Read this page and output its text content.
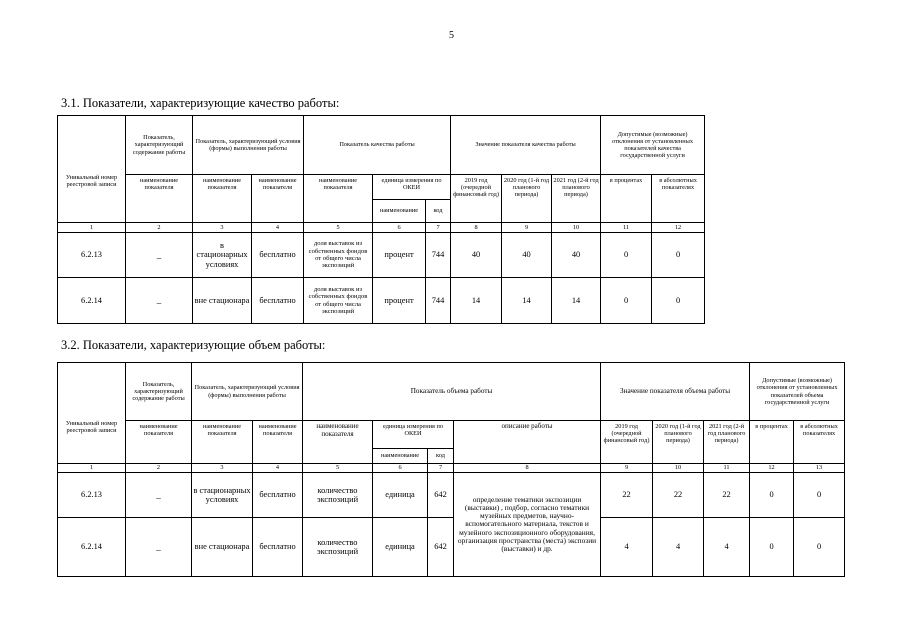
5
3.1. Показатели, характеризующие качество работы:
Уникальный номер реестровой записи	Показатель, характеризующий содержание работы	Показатель, характеризующий условия (формы) выполнения работы		Показатель качества работы			Значение показателя качества работы			Допустимые (возможные) отклонения от установленных показателей качества государственной услуги	
	наименование показателя	наименование показателя	наименование показателя	наименование показателя	единица измерения по ОКЕИ		2019 год (очередной финансовый год)	2020 год (1-й год планового периода)	2021 год (2-й год планового периода)	в процентах	в абсолютных показателях
					наименование	код					
1	2	3	4	5	6	7	8	9	10	11	12
6.2.13	_	в стационарных условиях	бесплатно	доля выставок из собственных фондов от общего числа экспозиций	процент	744	40	40	40	0	0
6.2.14	_	вне стационара	бесплатно	доля выставок из собственных фондов от общего числа экспозиций	процент	744	14	14	14	0	0
3.2. Показатели, характеризующие объем работы:
Уникальный номер реестровой записи	Показатель, характеризующий содержание работы	Показатель, характеризующий условия (формы) выполнения работы		Показатель объема работы				Значение показателя объема работы			Допустимые (возможные) отклонения от установленных показателей объема государственной услуги	
	наименование показателя	наименование показателя	наименование показателя	наименование показателя	единица измерения по ОКЕИ		описание работы	2019 год (очередной финансовый год)	2020 год (1-й год планового периода)	2021 год (2-й год планового периода)	в процентах	в абсолютных показателях
					наименование	код						
1	2	3	4	5	6	7	8	9	10	11	12	13
6.2.13	_	в стационарных условиях	бесплатно	количество экспозиций	единица	642	определение тематики экспозиции (выставки) , подбор, согласно тематики музейных предметов, научно-вспомогательного материала, текстов и музейного экспозиционного оборудования, организация пространства (места) экспозии (выставки) и др.	22	22	22	0	0
6.2.14	_	вне стационара	бесплатно	количество экспозиций	единица	642		4	4	4	0	0
